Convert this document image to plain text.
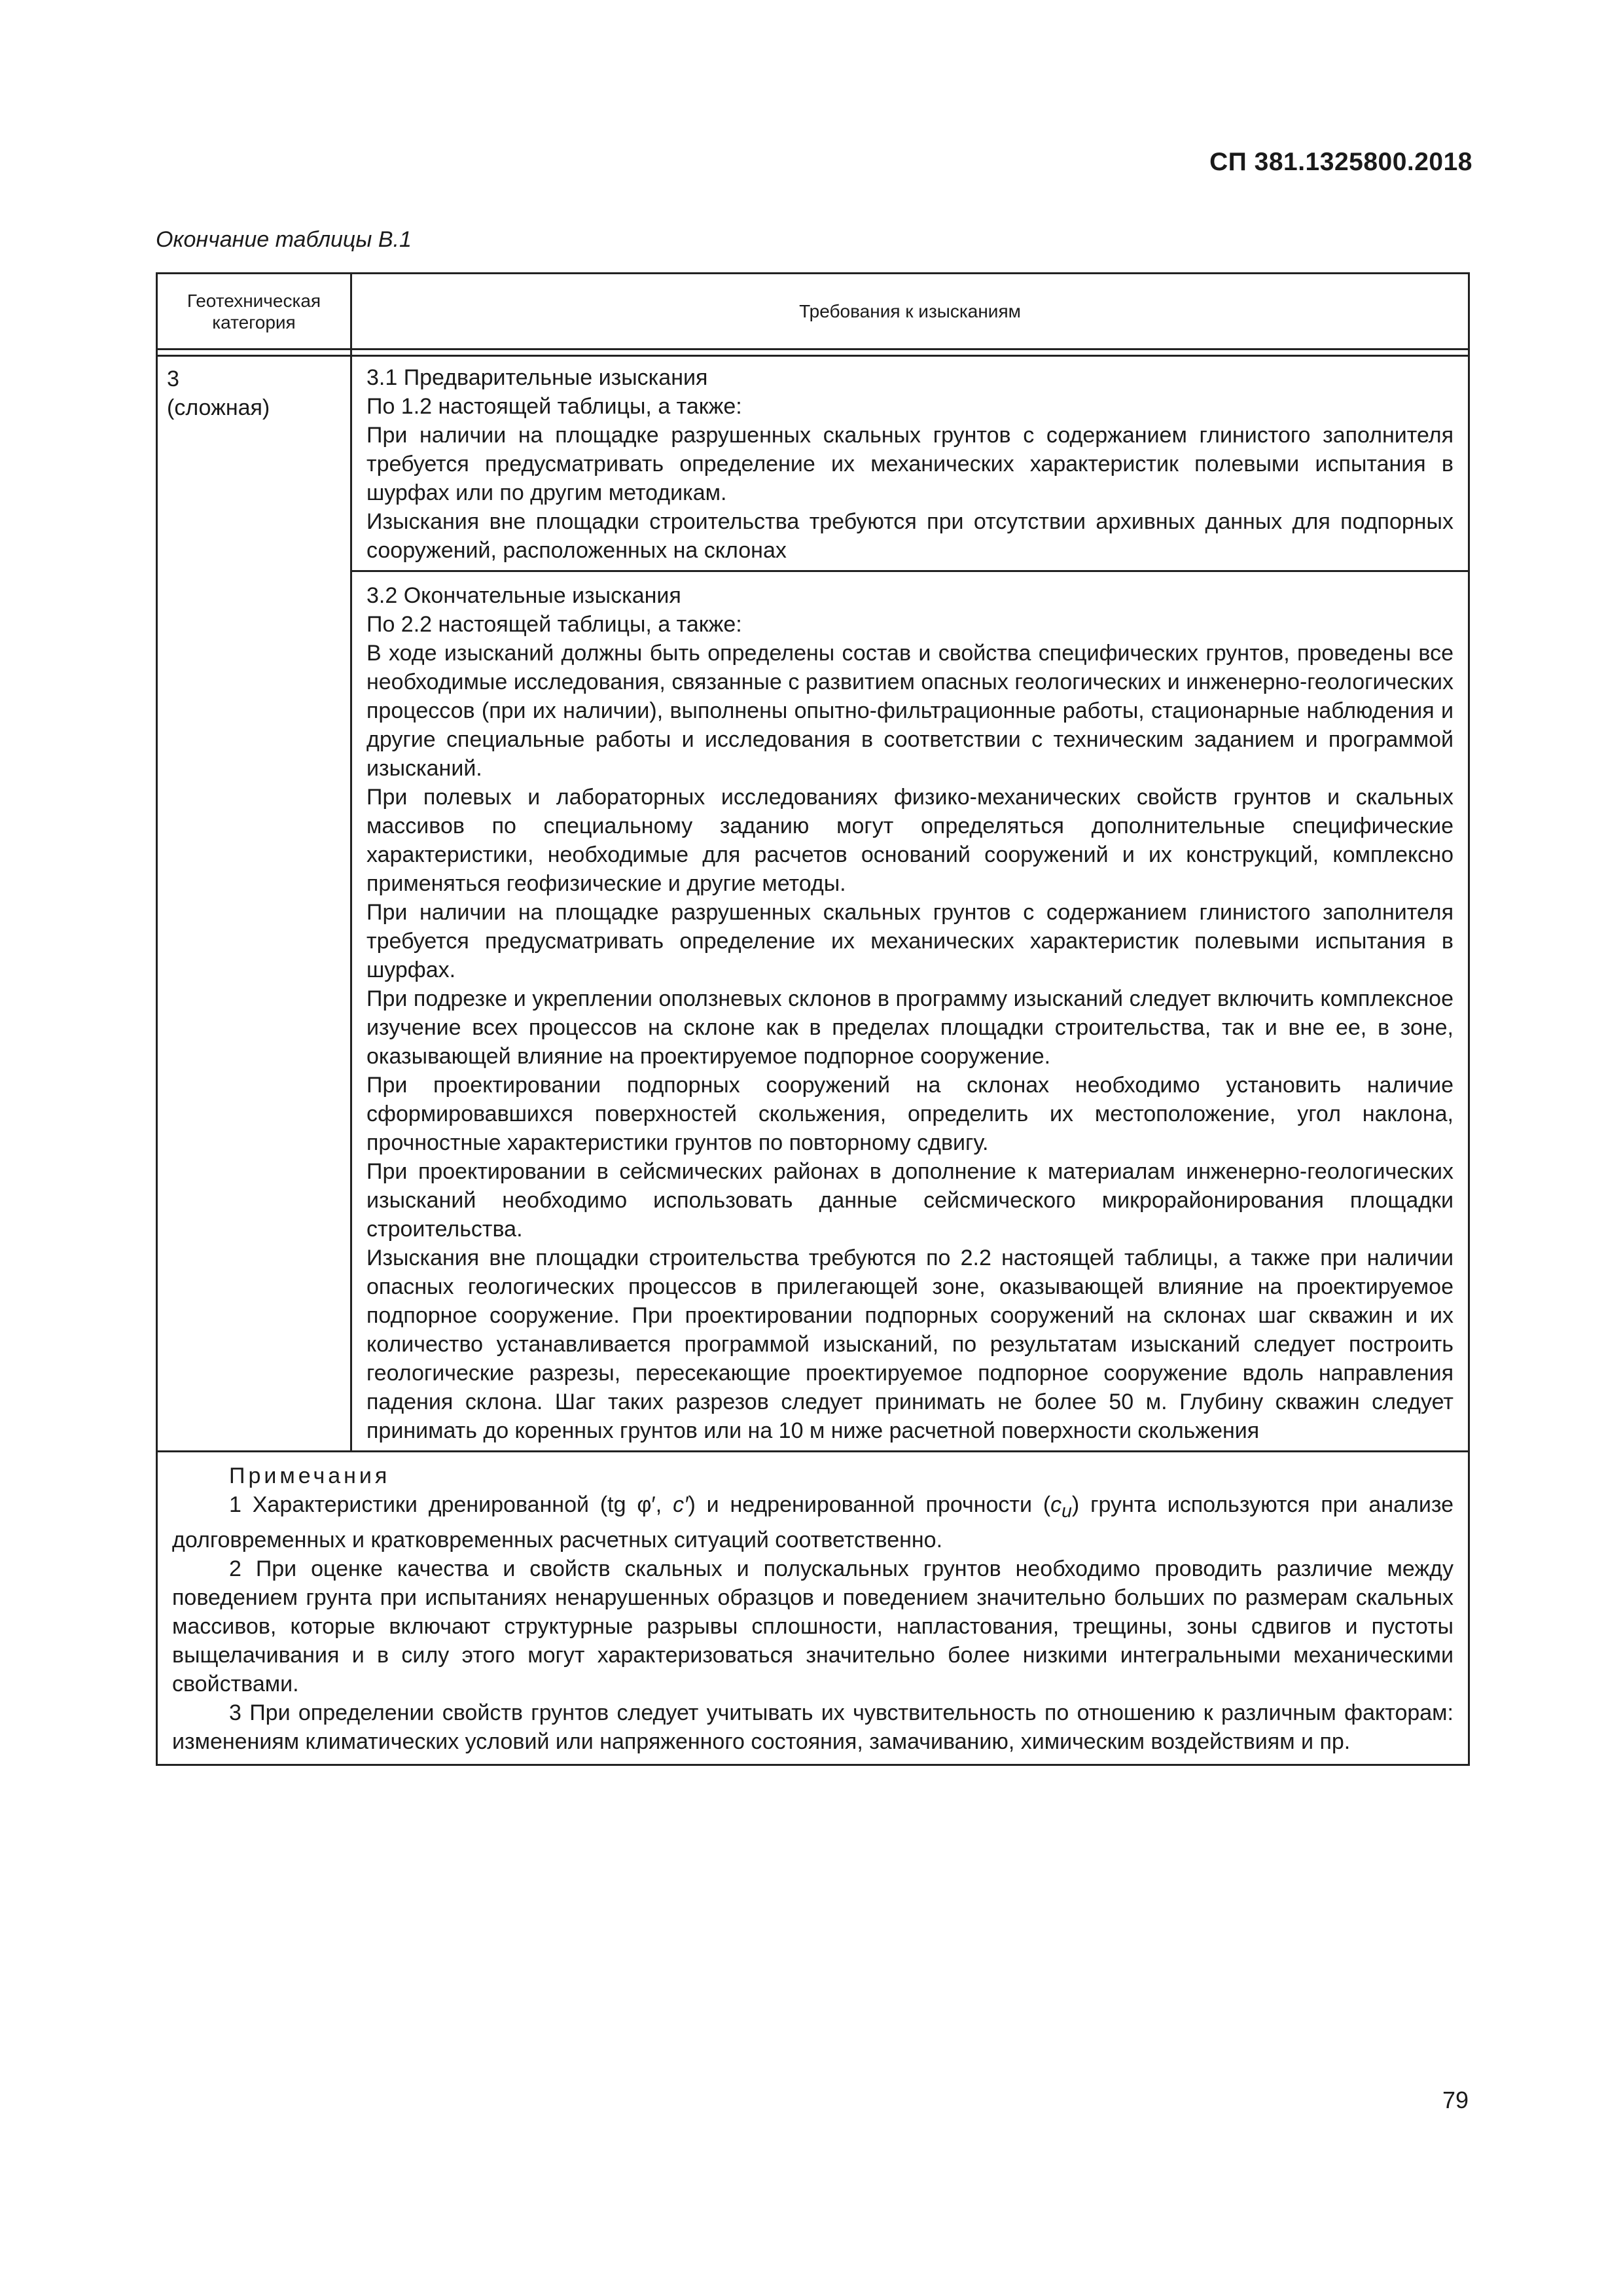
СП 381.1325800.2018
Окончание таблицы В.1
Геотехническая категория
Требования к изысканиям
3
(сложная)

3.1 Предварительные изыскания

По 1.2 настоящей таблицы, а также:

При наличии на площадке разрушенных скальных грунтов с содержанием глинистого заполнителя требуется предусматривать определение их механических характеристик полевыми испытания в шурфах или по другим методикам.

Изыскания вне площадки строительства требуются при отсутствии архивных данных для подпорных сооружений, расположенных на склонах

3.2 Окончательные изыскания

По 2.2 настоящей таблицы, а также:

В ходе изысканий должны быть определены состав и свойства специфических грунтов, проведены все необходимые исследования, связанные с развитием опасных геологических и инженерно-геологических процессов (при их наличии), выполнены опытно-фильтрационные работы, стационарные наблюдения и другие специальные работы и исследования в соответствии с техническим заданием и программой изысканий.

При полевых и лабораторных исследованиях физико-механических свойств грунтов и скальных массивов по специальному заданию могут определяться дополнительные специфические характеристики, необходимые для расчетов оснований сооружений и их конструкций, комплексно применяться геофизические и другие методы.

При наличии на площадке разрушенных скальных грунтов с содержанием глинистого заполнителя требуется предусматривать определение их механических характеристик полевыми испытания в шурфах.

При подрезке и укреплении оползневых склонов в программу изысканий следует включить комплексное изучение всех процессов на склоне как в пределах площадки строительства, так и вне ее, в зоне, оказывающей влияние на проектируемое подпорное сооружение.

При проектировании подпорных сооружений на склонах необходимо установить наличие сформировавшихся поверхностей скольжения, определить их местоположение, угол наклона, прочностные характеристики грунтов по повторному сдвигу.

При проектировании в сейсмических районах в дополнение к материалам инженерно-геологических изысканий необходимо использовать данные сейсмического микрорайонирования площадки строительства.

Изыскания вне площадки строительства требуются по 2.2 настоящей таблицы, а также при наличии опасных геологических процессов в прилегающей зоне, оказывающей влияние на проектируемое подпорное сооружение. При проектировании подпорных сооружений на склонах шаг скважин и их количество устанавливается программой изысканий, по результатам изысканий следует построить геологические разрезы, пересекающие проектируемое подпорное сооружение вдоль направления падения склона. Шаг таких разрезов следует принимать не более 50 м. Глубину скважин следует принимать до коренных грунтов или на 10 м ниже расчетной поверхности скольжения

Примечания

1 Характеристики дренированной (tg φ′, c′) и недренированной прочности $(c_u)$ грунта используются при анализе долговременных и кратковременных расчетных ситуаций соответственно.

2 При оценке качества и свойств скальных и полускальных грунтов необходимо проводить различие между поведением грунта при испытаниях ненарушенных образцов и поведением значительно больших по размерам скальных массивов, которые включают структурные разрывы сплошности, напластования, трещины, зоны сдвигов и пустоты выщелачивания и в силу этого могут характеризоваться значительно более низкими интегральными механическими свойствами.

3 При определении свойств грунтов следует учитывать их чувствительность по отношению к различным факторам: изменениям климатических условий или напряженного состояния, замачиванию, химическим воздействиям и пр.

79
